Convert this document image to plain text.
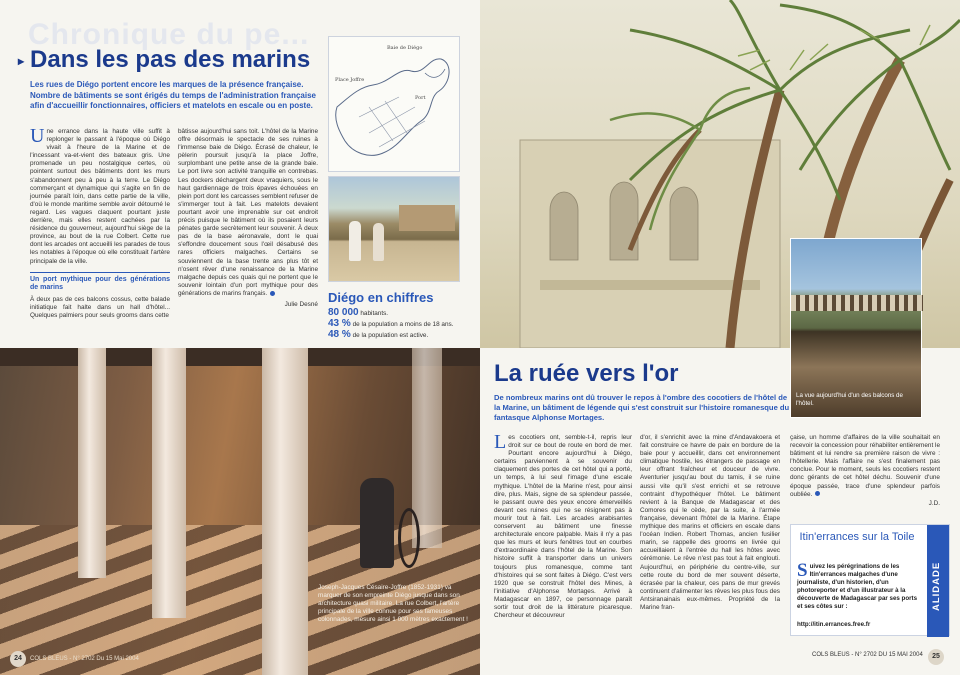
Chronique du pe...
▸ Dans les pas des marins
Les rues de Diégo portent encore les marques de la présence française. Nombre de bâtiments se sont érigés du temps de l'administration française afin d'accueillir fonctionnaires, officiers et matelots en escale ou en poste.
Une errance dans la haute ville suffit à replonger le passant à l'époque où Diégo vivait à l'heure de la Marine et de l'incessant va-et-vient des bateaux gris. Une promenade un peu nostalgique certes, où pointent surtout des bâtiments dont les murs s'abandonnent peu à peu à la terre. Le Diégo commerçant et dynamique qui s'agite en fin de journée paraît loin, dans cette partie de la ville, d'où le monde maritime semble avoir détourné le regard. Les vagues claquent pourtant juste derrière, mais elles restent cachées par la résidence du gouverneur, aujourd'hui siège de la province, au bout de la rue Colbert. Cette rue dont les arcades ont accueilli les parades de tous les notables à l'époque où elle constituait l'artère principale de la ville.
Un port mythique pour des générations de marins
À deux pas de ces balcons cossus, cette balade initiatique fait halte dans un hall d'hôtel... Quelques palmiers pour seuls grooms dans cette
bâtisse aujourd'hui sans toit. L'hôtel de la Marine offre désormais le spectacle de ses ruines à l'immense baie de Diégo. Écrasé de chaleur, le pèlerin poursuit jusqu'à la place Joffre, surplombant une petite anse de la grande baie. Le port livre son activité tranquille en contrebas. Les dockers déchargent deux vraquiers, sous le haut gardiennage de trois épaves échouées en plein port dont les carcasses semblent refuser de s'immerger tout à fait. Les matelots devaient pourtant avoir une imprenable sur cet endroit précis puisque le bâtiment où ils posaient leurs pénates garde secrètement leur souvenir. À deux pas de la base aéronavale, dont le quai s'effondre doucement sous l'œil désabusé des rares officiers malgaches. Certains se souviennent de la base trente ans plus tôt et n'osent rêver d'une renaissance de la Marine malgache depuis ces quais qui ne portent que le souvenir lointain d'un port mythique pour des générations de marins français.
Julie Desné
Baie de Diégo
Place Joffre
Port
Diégo en chiffres
80 000 habitants.
43 % de la population a moins de 18 ans.
48 % de la population est active.
Joseph-Jacques Césaire-Joffre (1852-1931) va marquer de son empreinte Diégo jusque dans son architecture quasi militaire. La rue Colbert, l'artère principale de la ville connue pour ses fameuses colonnades, mesure ainsi 1 000 mètres exactement !
24 COLS BLEUS - N° 2702 Du 15 Mai 2004
La vue aujourd'hui d'un des balcons de l'hôtel.
La ruée vers l'or
De nombreux marins ont dû trouver le repos à l'ombre des cocotiers de l'hôtel de la Marine, un bâtiment de légende qui s'est construit sur l'histoire romanesque du fantasque Alphonse Mortages.
Les cocotiers ont, semble-t-il, repris leur droit sur ce bout de route en bord de mer. Pourtant encore aujourd'hui à Diégo, certains parviennent à se souvenir du claquement des portes de cet hôtel qui a porté, un temps, à lui seul l'image d'une escale mythique. L'hôtel de la Marine n'est, pour ainsi dire, plus. Mais, signe de sa splendeur passée, le passant ouvre des yeux encore émerveillés devant ces ruines qui ne se résignent pas à mourir tout à fait. Les arcades arabisantes conservent au bâtiment une finesse architecturale encore palpable. Mais il n'y a pas que les murs et leurs fenêtres tout en courbes d'extraordinaire dans l'hôtel de la Marine. Son histoire suffit à transporter dans un univers toujours plus romanesque, comme tant d'histoires qui se sont faites à Diégo. C'est vers 1920 que se construit l'hôtel des Mines, à l'initiative d'Alphonse Mortages. Arrivé à Madagascar en 1897, ce personnage paraît sortir tout droit de la littérature picaresque. Chercheur et découvreur
d'or, il s'enrichit avec la mine d'Andavakoera et fait construire ce havre de paix en bordure de la baie pour y accueillir, dans cet environnement climatique hostile, les étrangers de passage en leur offrant fraîcheur et douceur de vivre. Aventurier jusqu'au bout du tamis, il se ruine aussi vite qu'il s'est enrichi et se retrouve contraint d'hypothéquer l'hôtel. Le bâtiment revient à la Banque de Madagascar et des Comores qui le cède, par la suite, à l'armée française, devenant l'hôtel de la Marine. Étape mythique des marins et officiers en escale dans l'océan Indien. Robert Thomas, ancien fusilier marin, se rappelle des grooms en livrée qui accueillaient à l'entrée du hall les hôtes avec cérémonie. Le rêve n'est pas tout à fait englouti. Aujourd'hui, en périphérie du centre-ville, sur cette route du bord de mer souvent déserte, écrasée par la chaleur, ces pans de mur grevés continuent d'alimenter les rêves les plus fous des Antsiranainais eux-mêmes. Propriété de la Marine fran-
çaise, un homme d'affaires de la ville souhaitait en recevoir la concession pour réhabiliter entièrement le bâtiment et lui rendre sa première raison de vivre : l'hôtellerie. Mais l'affaire ne s'est finalement pas conclue. Pour le moment, seuls les cocotiers restent donc gérants de cet hôtel déchu. Souvenir d'une époque passée, trace d'une splendeur parfois oubliée.
J.D.
Itin'errances sur la Toile
ALIDADE
Suivez les pérégrinations de les Itin'errances malgaches d'une journaliste, d'un historien, d'un photoreporter et d'un illustrateur à la découverte de Madagascar par ses ports et ses côtes sur :
http://itin.errances.free.fr
COLS BLEUS - N° 2702 DU 15 MAI 2004	25
